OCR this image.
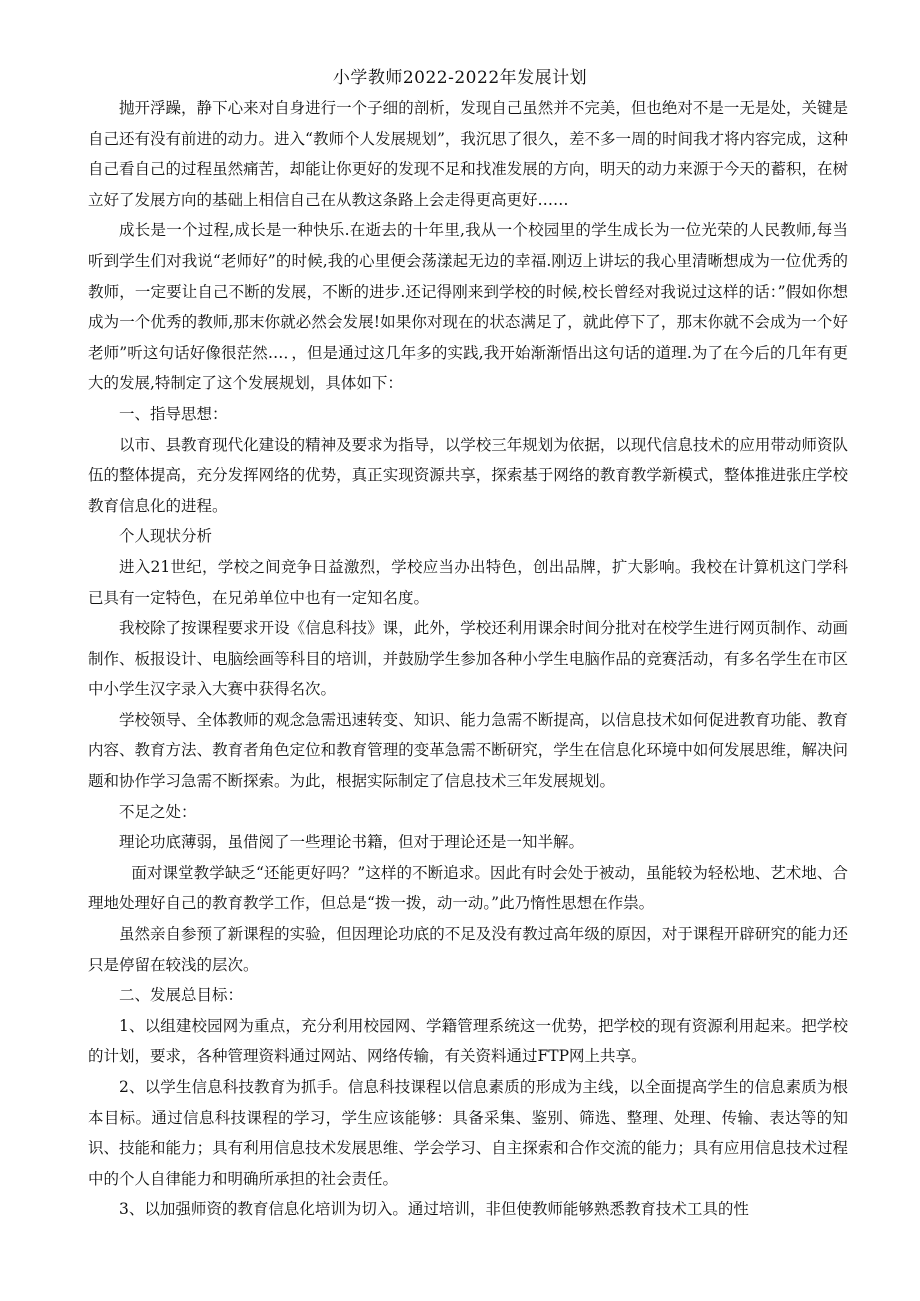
小学教师2022-2022年发展计划

抛开浮躁，静下心来对自身进行一个子细的剖析，发现自己虽然并不完美，但也绝对不是一无是处，关键是自己还有没有前进的动力。进入“教师个人发展规划”，我沉思了很久，差不多一周的时间我才将内容完成，这种自己看自己的过程虽然痛苦，却能让你更好的发现不足和找准发展的方向，明天的动力来源于今天的蓄积，在树立好了发展方向的基础上相信自己在从教这条路上会走得更高更好……

成长是一个过程,成长是一种快乐.在逝去的十年里,我从一个校园里的学生成长为一位光荣的人民教师,每当听到学生们对我说“老师好”的时候,我的心里便会荡漾起无边的幸福.刚迈上讲坛的我心里清晰想成为一位优秀的教师，一定要让自己不断的发展，不断的进步.还记得刚来到学校的时候,校长曾经对我说过这样的话：”假如你想成为一个优秀的教师,那末你就必然会发展!如果你对现在的状态满足了，就此停下了，那末你就不会成为一个好老师”听这句话好像很茫然…．，但是通过这几年多的实践,我开始渐渐悟出这句话的道理.为了在今后的几年有更大的发展,特制定了这个发展规划，具体如下：

一、指导思想：

以市、县教育现代化建设的精神及要求为指导，以学校三年规划为依据，以现代信息技术的应用带动师资队伍的整体提高，充分发挥网络的优势，真正实现资源共享，探索基于网络的教育教学新模式，整体推进张庄学校教育信息化的进程。

个人现状分析

进入21世纪，学校之间竞争日益激烈，学校应当办出特色，创出品牌，扩大影响。我校在计算机这门学科已具有一定特色，在兄弟单位中也有一定知名度。

我校除了按课程要求开设《信息科技》课，此外，学校还利用课余时间分批对在校学生进行网页制作、动画制作、板报设计、电脑绘画等科目的培训，并鼓励学生参加各种小学生电脑作品的竞赛活动，有多名学生在市区中小学生汉字录入大赛中获得名次。

学校领导、全体教师的观念急需迅速转变、知识、能力急需不断提高，以信息技术如何促进教育功能、教育内容、教育方法、教育者角色定位和教育管理的变革急需不断研究，学生在信息化环境中如何发展思维，解决问题和协作学习急需不断探索。为此，根据实际制定了信息技术三年发展规划。

不足之处：

理论功底薄弱，虽借阅了一些理论书籍，但对于理论还是一知半解。

面对课堂教学缺乏“还能更好吗？”这样的不断追求。因此有时会处于被动，虽能较为轻松地、艺术地、合理地处理好自己的教育教学工作，但总是“拨一拨，动一动。”此乃惰性思想在作祟。

虽然亲自参预了新课程的实验，但因理论功底的不足及没有教过高年级的原因，对于课程开辟研究的能力还只是停留在较浅的层次。

二、发展总目标：

1、以组建校园网为重点，充分利用校园网、学籍管理系统这一优势，把学校的现有资源利用起来。把学校的计划，要求，各种管理资料通过网站、网络传输，有关资料通过FTP网上共享。

2、以学生信息科技教育为抓手。信息科技课程以信息素质的形成为主线，以全面提高学生的信息素质为根本目标。通过信息科技课程的学习，学生应该能够：具备采集、鉴别、筛选、整理、处理、传输、表达等的知识、技能和能力；具有利用信息技术发展思维、学会学习、自主探索和合作交流的能力；具有应用信息技术过程中的个人自律能力和明确所承担的社会责任。

3、以加强师资的教育信息化培训为切入。通过培训，非但使教师能够熟悉教育技术工具的性
